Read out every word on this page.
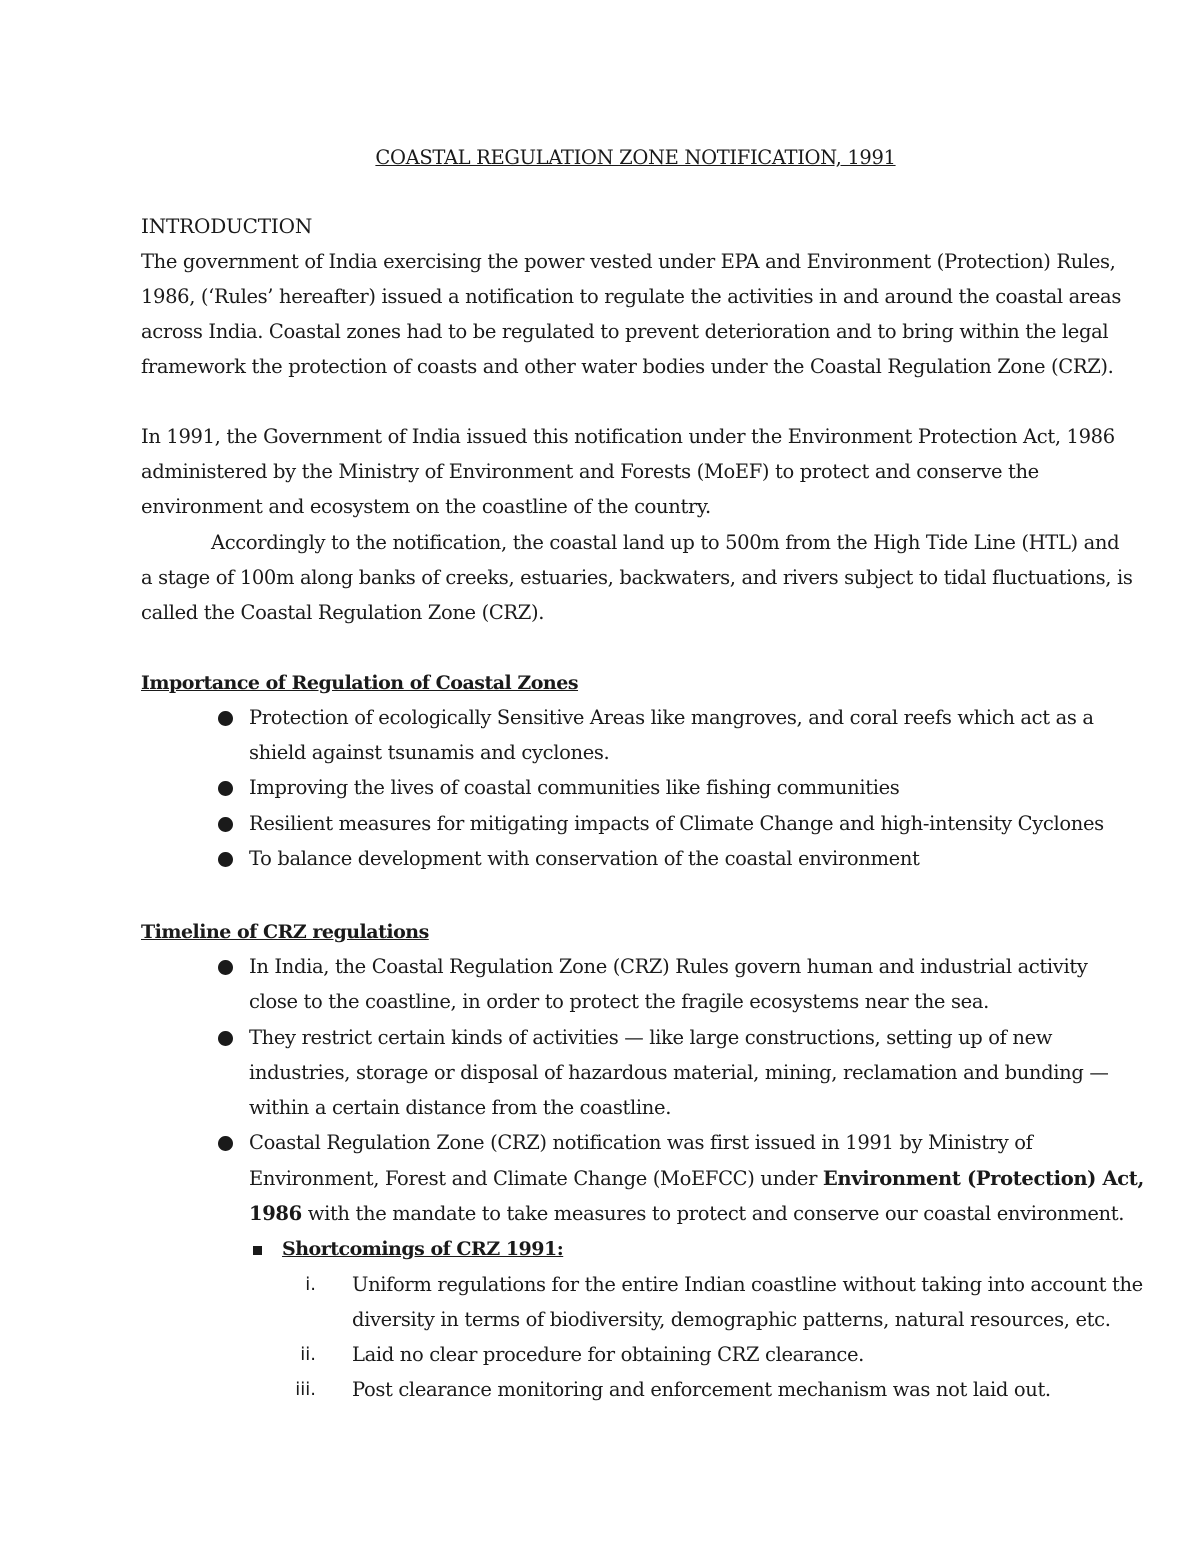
COASTAL REGULATION ZONE NOTIFICATION, 1991
INTRODUCTION
The government of India exercising the power vested under EPA and Environment (Protection) Rules,
1986, (‘Rules’ hereafter) issued a notification to regulate the activities in and around the coastal areas
across India. Coastal zones had to be regulated to prevent deterioration and to bring within the legal
framework the protection of coasts and other water bodies under the Coastal Regulation Zone (CRZ).
In 1991, the Government of India issued this notification under the Environment Protection Act, 1986
administered by the Ministry of Environment and Forests (MoEF) to protect and conserve the
environment and ecosystem on the coastline of the country.
Accordingly to the notification, the coastal land up to 500m from the High Tide Line (HTL) and
a stage of 100m along banks of creeks, estuaries, backwaters, and rivers subject to tidal fluctuations, is
called the Coastal Regulation Zone (CRZ).
Importance of Regulation of Coastal Zones
Protection of ecologically Sensitive Areas like mangroves, and coral reefs which act as a
shield against tsunamis and cyclones.
Improving the lives of coastal communities like fishing communities
Resilient measures for mitigating impacts of Climate Change and high-intensity Cyclones
To balance development with conservation of the coastal environment
Timeline of CRZ regulations
In India, the Coastal Regulation Zone (CRZ) Rules govern human and industrial activity
close to the coastline, in order to protect the fragile ecosystems near the sea.
They restrict certain kinds of activities — like large constructions, setting up of new
industries, storage or disposal of hazardous material, mining, reclamation and bunding —
within a certain distance from the coastline.
Coastal Regulation Zone (CRZ) notification was first issued in 1991 by Ministry of
Environment, Forest and Climate Change (MoEFCC) under Environment (Protection) Act,
1986 with the mandate to take measures to protect and conserve our coastal environment.
Shortcomings of CRZ 1991:
i. Uniform regulations for the entire Indian coastline without taking into account the
diversity in terms of biodiversity, demographic patterns, natural resources, etc.
ii. Laid no clear procedure for obtaining CRZ clearance.
iii. Post clearance monitoring and enforcement mechanism was not laid out.
